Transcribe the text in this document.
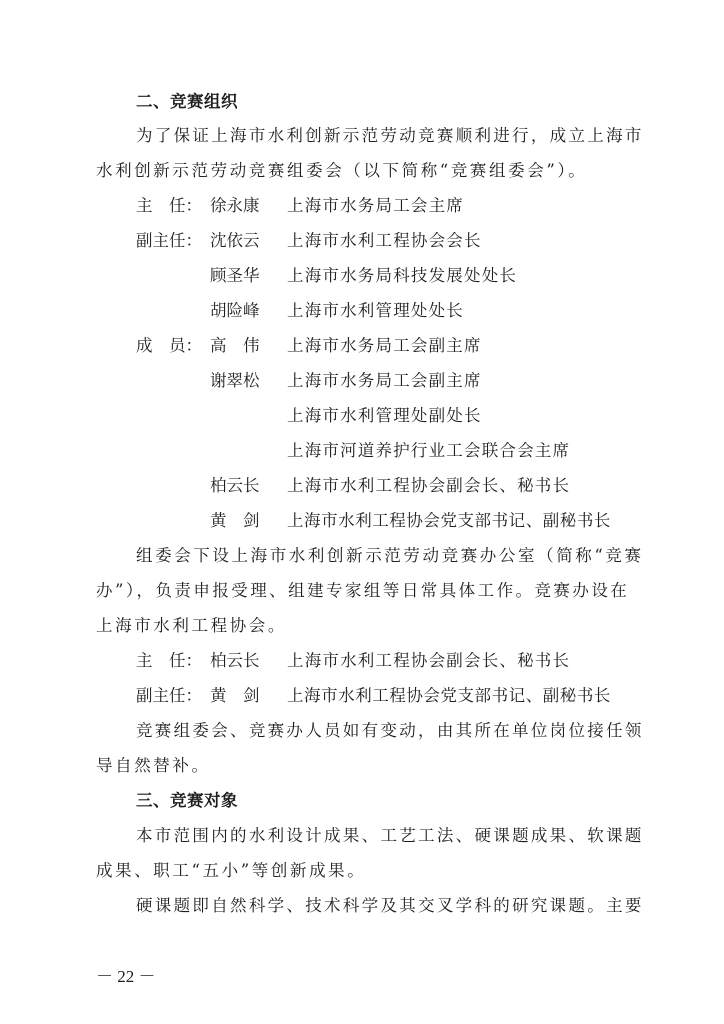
二、竞赛组织
为了保证上海市水利创新示范劳动竞赛顺利进行，成立上海市
水利创新示范劳动竞赛组委会（以下简称“竞赛组委会”）。
主　任： 徐永康 上海市水务局工会主席
副主任： 沈依云 上海市水利工程协会会长
顾圣华 上海市水务局科技发展处处长
胡险峰 上海市水利管理处处长
成　员： 高　伟 上海市水务局工会副主席
谢翠松 上海市水务局工会副主席
上海市水利管理处副处长
上海市河道养护行业工会联合会主席
柏云长 上海市水利工程协会副会长、秘书长
黄　剑 上海市水利工程协会党支部书记、副秘书长
组委会下设上海市水利创新示范劳动竞赛办公室（简称“竞赛
办”），负责申报受理、组建专家组等日常具体工作。竞赛办设在
上海市水利工程协会。
主　任： 柏云长 上海市水利工程协会副会长、秘书长
副主任： 黄　剑 上海市水利工程协会党支部书记、副秘书长
竞赛组委会、竞赛办人员如有变动，由其所在单位岗位接任领
导自然替补。
三、竞赛对象
本市范围内的水利设计成果、工艺工法、硬课题成果、软课题
成果、职工“五小”等创新成果。
硬课题即自然科学、技术科学及其交叉学科的研究课题。主要
－ 22 －
